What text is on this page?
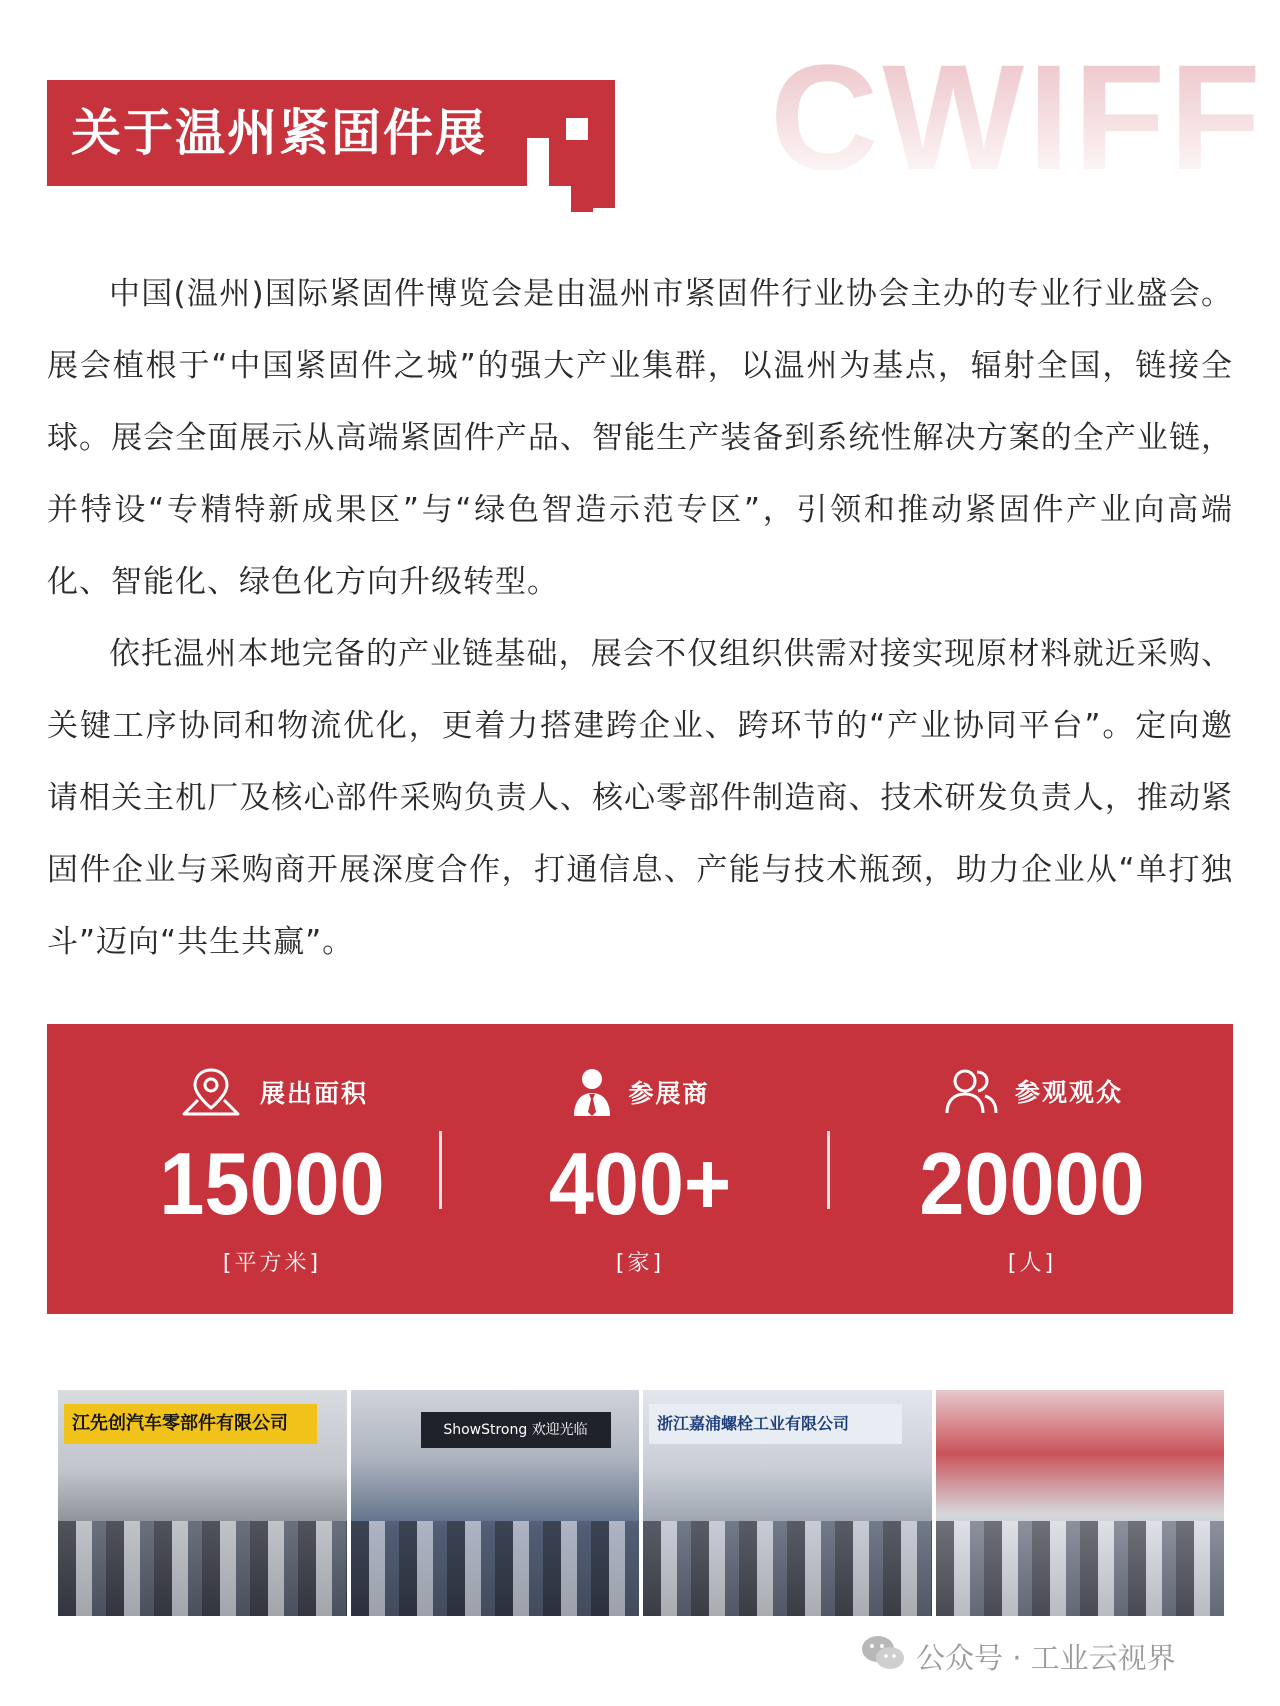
CWIFF
关于温州紧固件展

中国(温州)国际紧固件博览会是由温州市紧固件行业协会主办的专业行业盛会。展会植根于“中国紧固件之城”的强大产业集群，以温州为基点，辐射全国，链接全球。展会全面展示从高端紧固件产品、智能生产装备到系统性解决方案的全产业链，并特设“专精特新成果区”与“绿色智造示范专区”，引领和推动紧固件产业向高端化、智能化、绿色化方向升级转型。

依托温州本地完备的产业链基础，展会不仅组织供需对接实现原材料就近采购、关键工序协同和物流优化，更着力搭建跨企业、跨环节的“产业协同平台”。定向邀请相关主机厂及核心部件采购负责人、核心零部件制造商、技术研发负责人，推动紧固件企业与采购商开展深度合作，打通信息、产能与技术瓶颈，助力企业从“单打独斗”迈向“共生共赢”。

展出面积
15000
[平方米]
参展商
400+
[家]
参观观众
20000
[人]
江先创汽车零部件有限公司	ShowStrong 欢迎光临	浙江嘉浦螺栓工业有限公司
公众号 · 工业云视界
